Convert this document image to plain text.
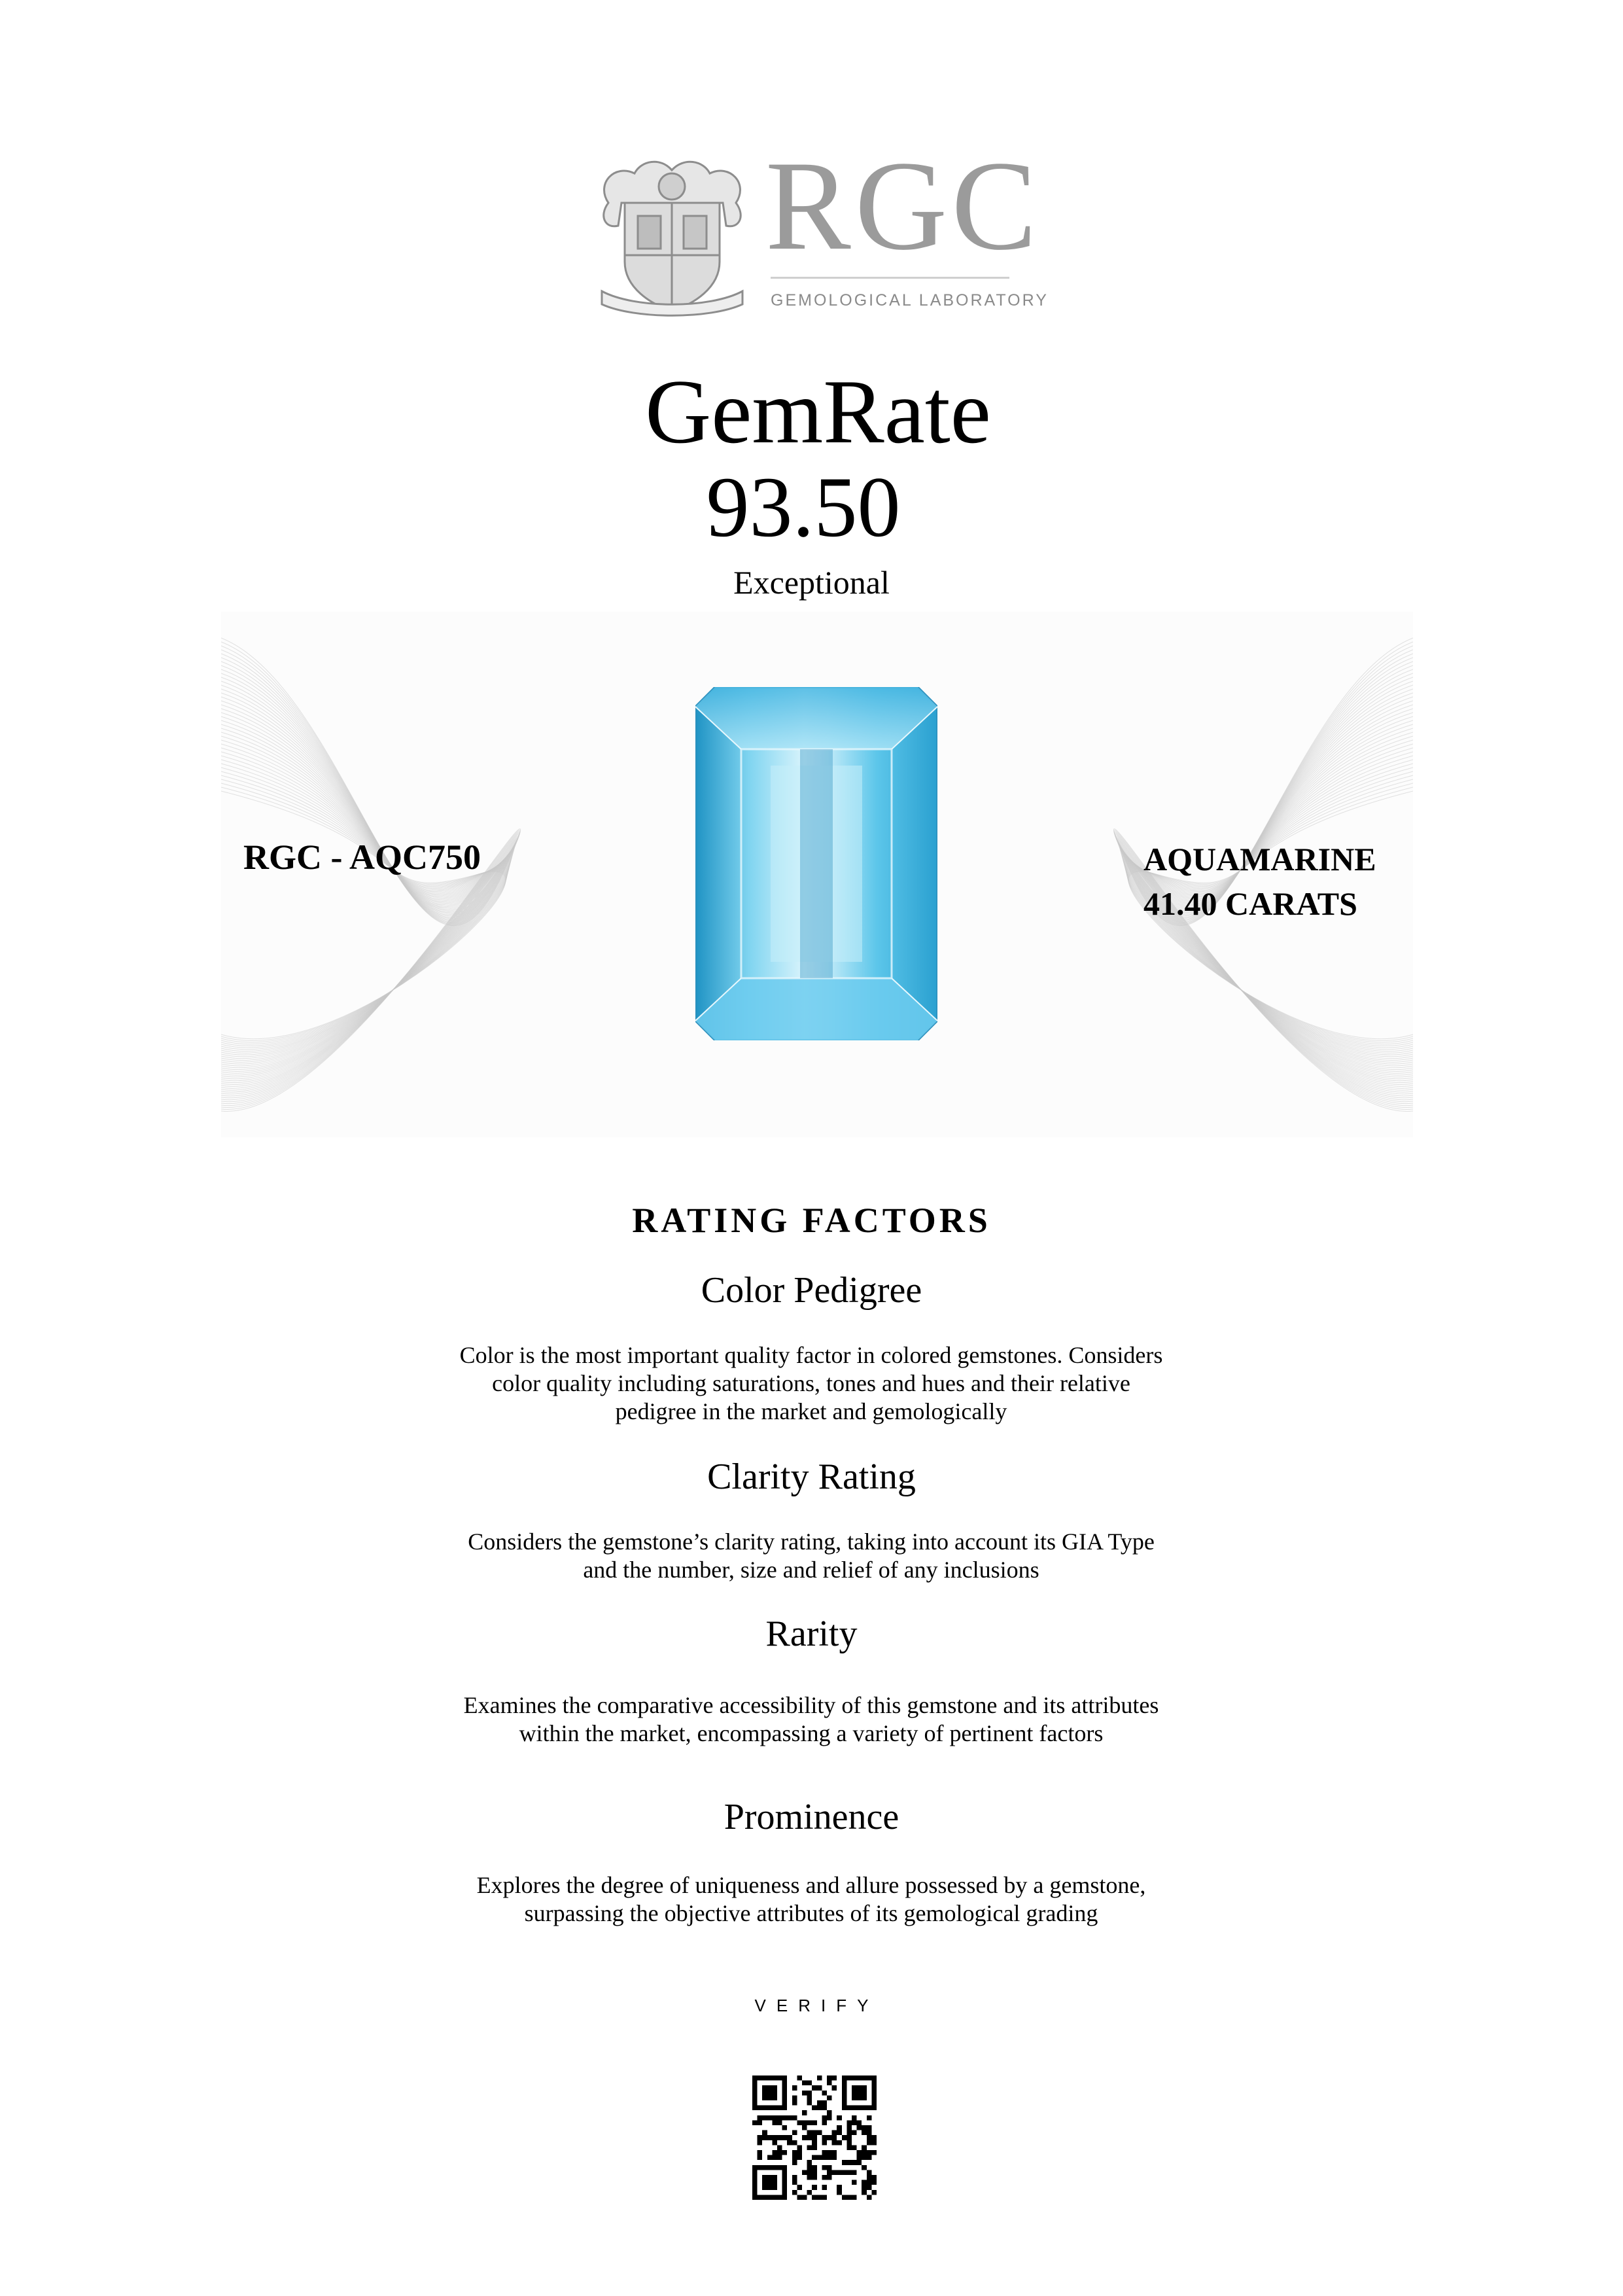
RGC
GEMOLOGICAL LABORATORY
GemRate
93.50
Exceptional
RGC - AQC750	AQUAMARINE
41.40 CARATS
RATING FACTORS
Color Pedigree
Color is the most important quality factor in colored gemstones. Considers
color quality including saturations, tones and hues and their relative
pedigree in the market and gemologically
Clarity Rating
Considers the gemstone’s clarity rating, taking into account its GIA Type
and the number, size and relief of any inclusions
Rarity
Examines the comparative accessibility of this gemstone and its attributes
within the market, encompassing a variety of pertinent factors
Prominence
Explores the degree of uniqueness and allure possessed by a gemstone,
surpassing the objective attributes of its gemological grading
VERIFY
